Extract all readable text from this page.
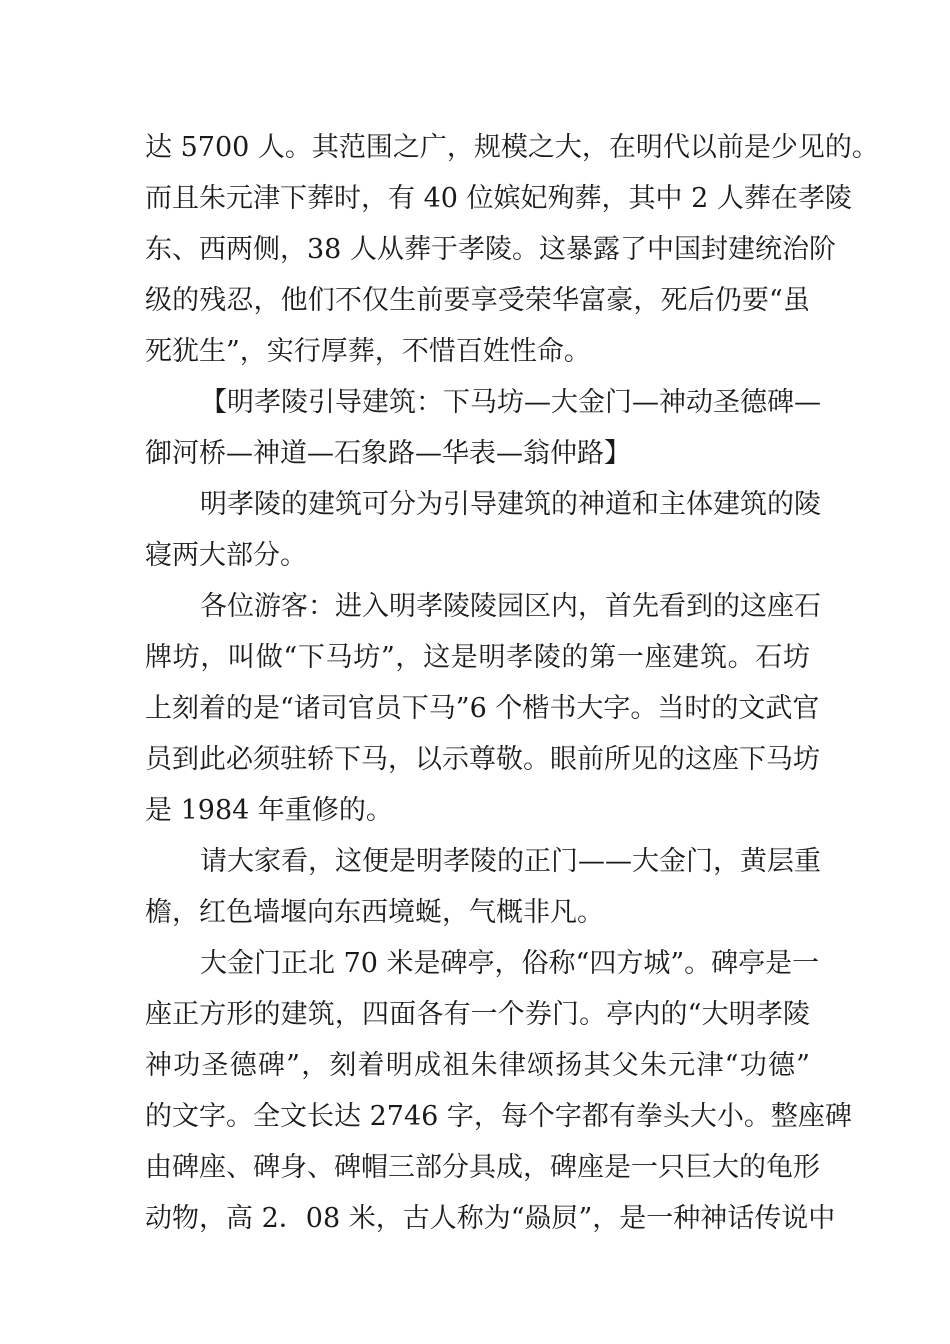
达 5700 人。其范围之广，规模之大，在明代以前是少见的。
而且朱元津下葬时，有 40 位嫔妃殉葬，其中 2 人葬在孝陵
东、西两侧，38 人从葬于孝陵。这暴露了中国封建统治阶
级的残忍，他们不仅生前要享受荣华富豪，死后仍要“虽
死犹生”，实行厚葬，不惜百姓性命。
【明孝陵引导建筑：下马坊—大金门—神动圣德碑—
御河桥—神道—石象路—华表—翁仲路】
明孝陵的建筑可分为引导建筑的神道和主体建筑的陵
寝两大部分。
各位游客：进入明孝陵陵园区内，首先看到的这座石
牌坊，叫做“下马坊”，这是明孝陵的第一座建筑。石坊
上刻着的是“诸司官员下马”6 个楷书大字。当时的文武官
员到此必须驻轿下马，以示尊敬。眼前所见的这座下马坊
是 1984 年重修的。
请大家看，这便是明孝陵的正门——大金门，黄层重
檐，红色墙堰向东西境蜒，气概非凡。
大金门正北 70 米是碑亭，俗称“四方城”。碑亭是一
座正方形的建筑，四面各有一个券门。亭内的“大明孝陵
神功圣德碑”，刻着明成祖朱律颂扬其父朱元津“功德”
的文字。全文长达 2746 字，每个字都有拳头大小。整座碑
由碑座、碑身、碑帽三部分具成，碑座是一只巨大的龟形
动物，高 2．08 米，古人称为“赑屃”，是一种神话传说中
